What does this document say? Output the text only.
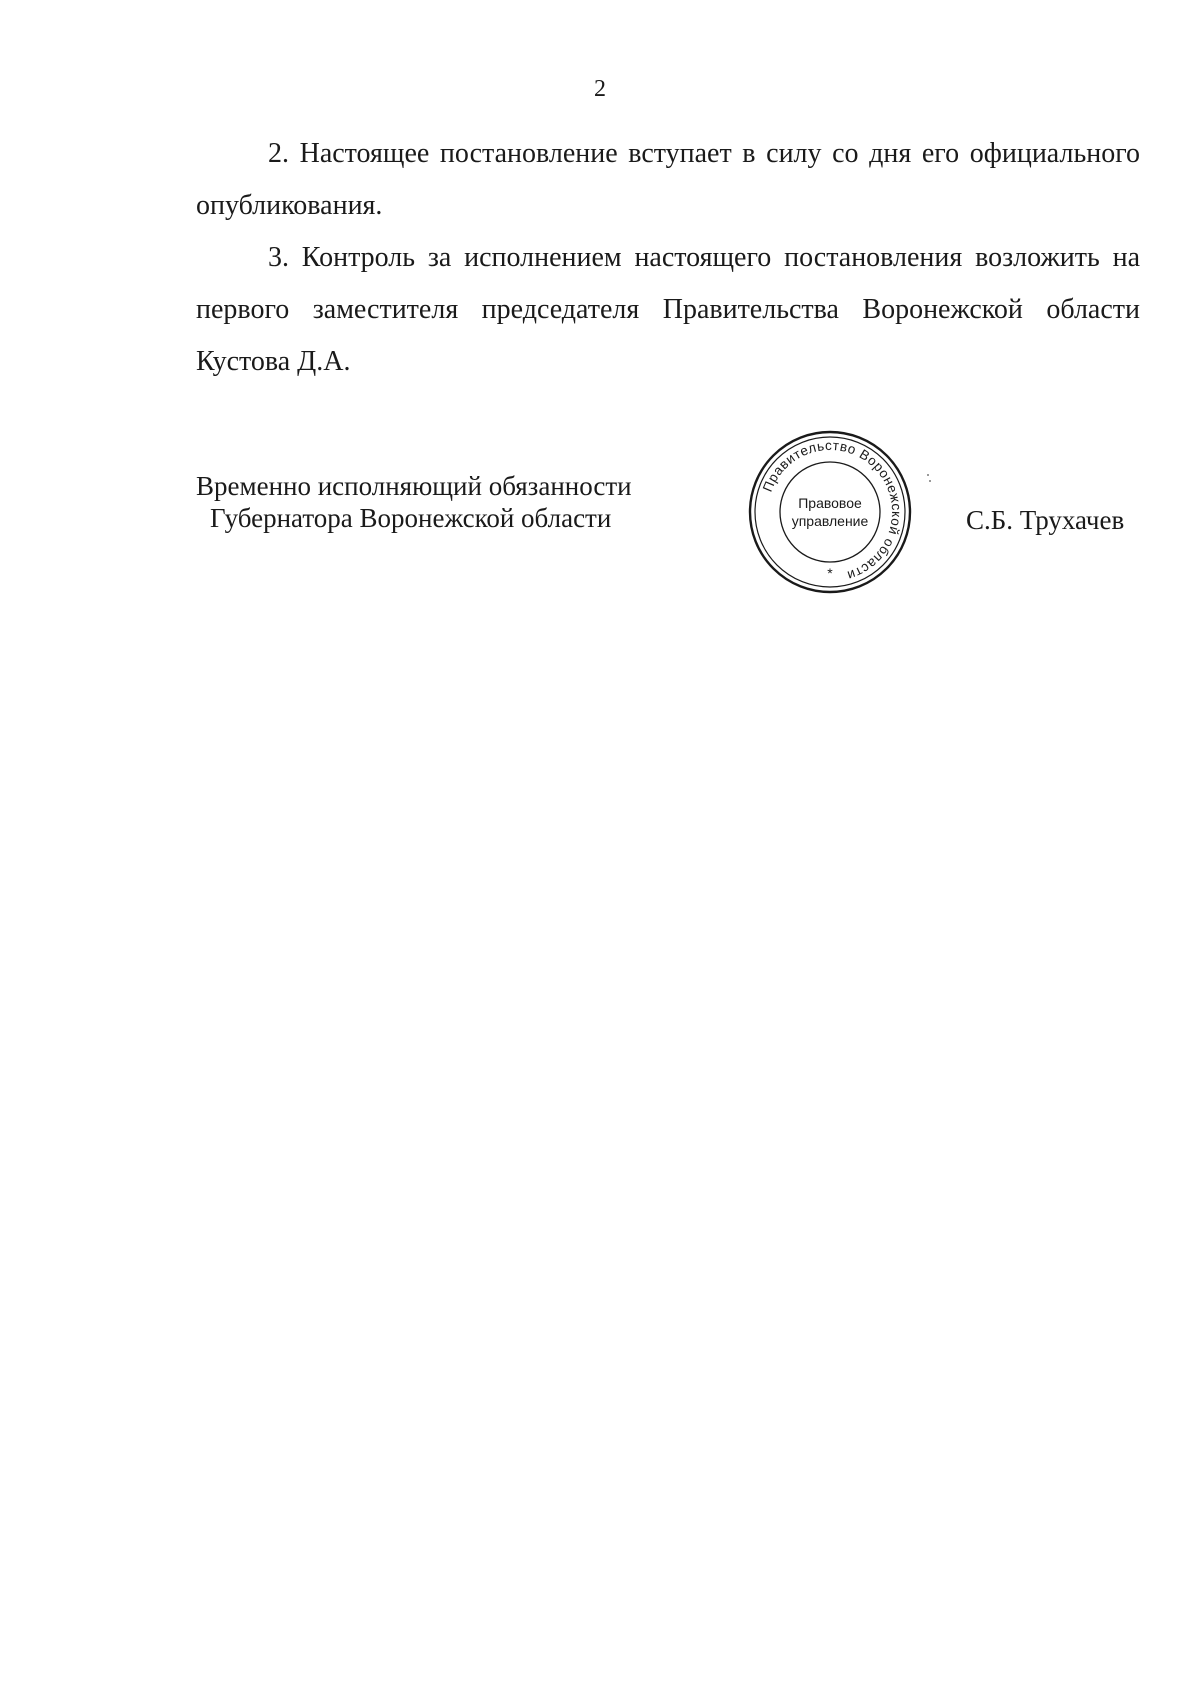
2

2. Настоящее постановление вступает в силу со дня его официального опубликования.

3. Контроль за исполнением настоящего постановления возложить на первого заместителя председателя Правительства Воронежской области Кустова Д.А.

Временно исполняющий обязанности
Губернатора Воронежской области
Правительство Воронежской области
Правовое
управление
*
С.Б. Трухачев
